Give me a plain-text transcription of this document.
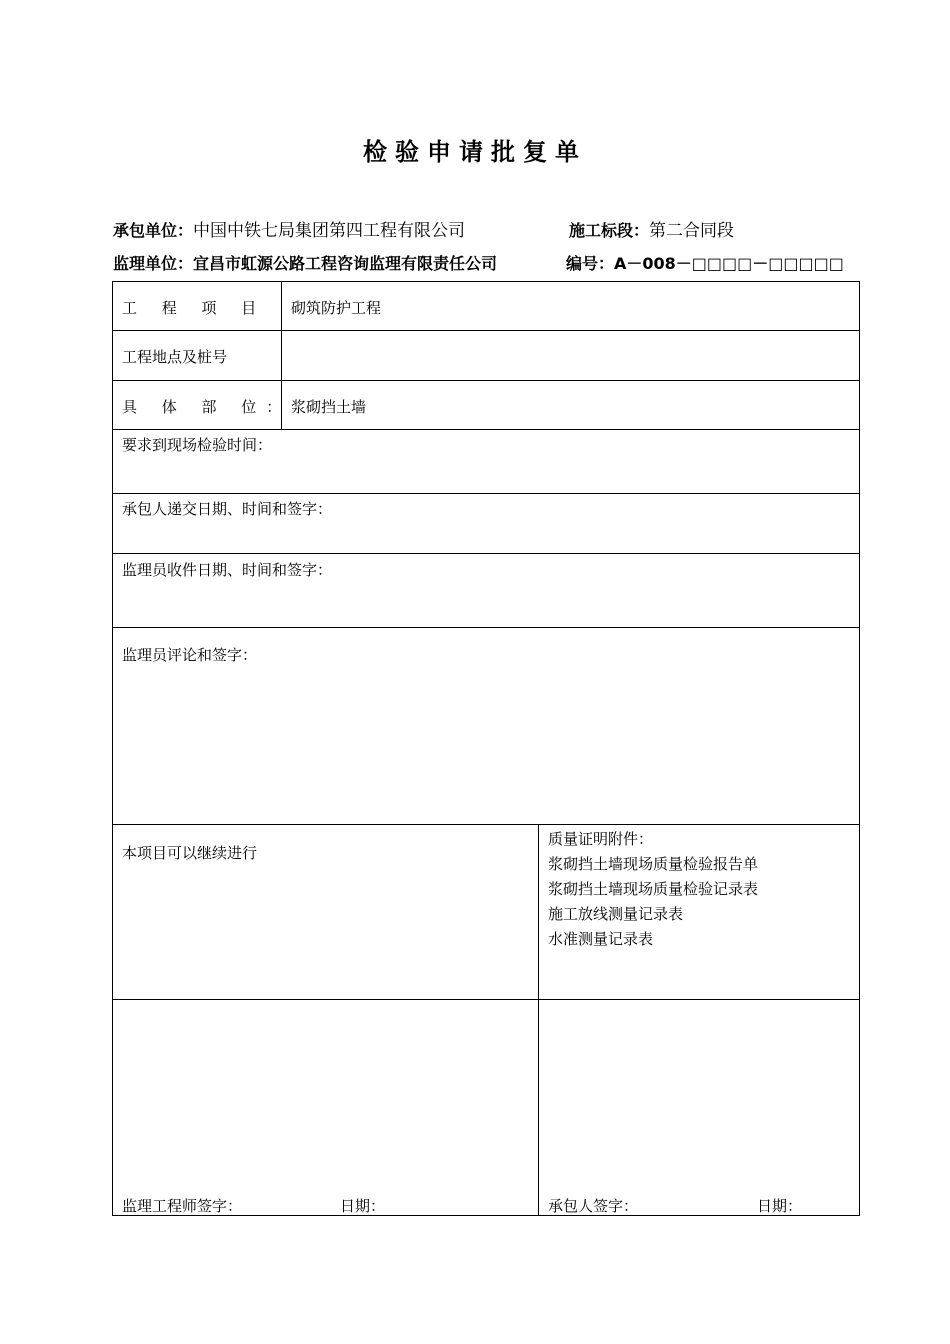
检验申请批复单
承包单位：中国中铁七局集团第四工程有限公司	施工标段：第二合同段
监理单位：宜昌市虹源公路工程咨询监理有限责任公司	编号：A－008－□□□□－□□□□□
工 程 项 目 砌筑防护工程
工程地点及桩号
具 体 部 位： 浆砌挡土墙
要求到现场检验时间：
承包人递交日期、时间和签字：
监理员收件日期、时间和签字：
监理员评论和签字：
本项目可以继续进行
质量证明附件：
浆砌挡土墙现场质量检验报告单
浆砌挡土墙现场质量检验记录表
施工放线测量记录表
水准测量记录表
监理工程师签字：	日期：	承包人签字：	日期：
